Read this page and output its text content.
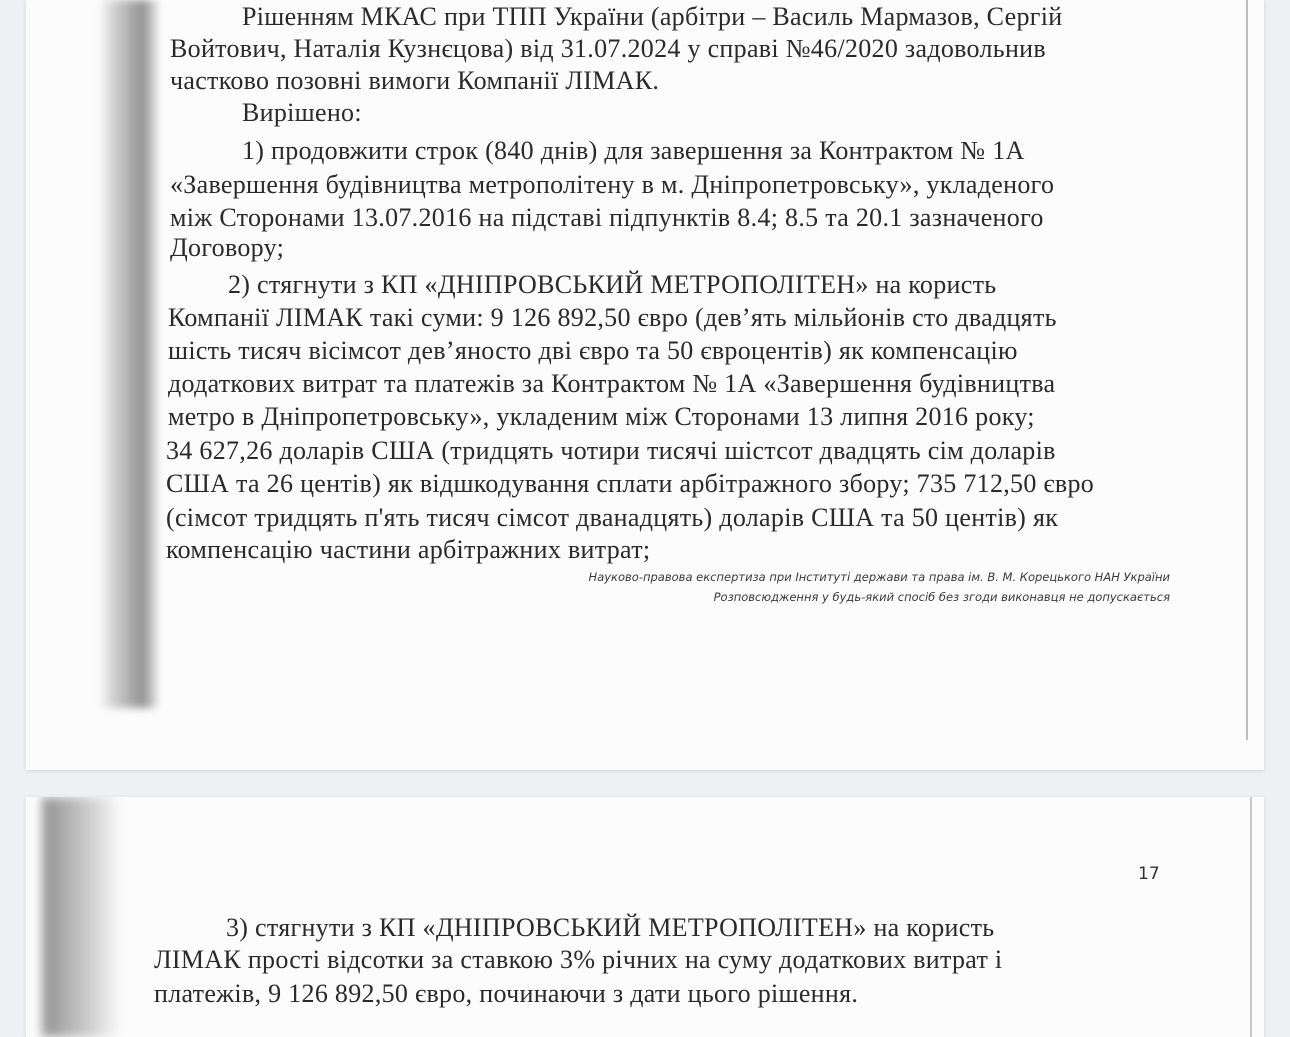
Рішенням МКАС при ТПП України (арбітри – Василь Мармазов, Сергій
Войтович, Наталія Кузнєцова) від 31.07.2024 у справі №46/2020 задовольнив
частково позовні вимоги Компанії ЛІМАК.
Вирішено:
1) продовжити строк (840 днів) для завершення за Контрактом № 1А
«Завершення будівництва метрополітену в м. Дніпропетровську», укладеного
між Сторонами 13.07.2016 на підставі підпунктів 8.4; 8.5 та 20.1 зазначеного
Договору;
2) стягнути з КП «ДНІПРОВСЬКИЙ МЕТРОПОЛІТЕН» на користь
Компанії ЛІМАК такі суми: 9 126 892,50 євро (дев’ять мільйонів сто двадцять
шість тисяч вісімсот дев’яносто дві євро та 50 євроцентів) як компенсацію
додаткових витрат та платежів за Контрактом № 1А «Завершення будівництва
метро в Дніпропетровську», укладеним між Сторонами 13 липня 2016 року;
34 627,26 доларів США (тридцять чотири тисячі шістсот двадцять сім доларів
США та 26 центів) як відшкодування сплати арбітражного збору; 735 712,50 євро
(сімсот тридцять п'ять тисяч сімсот дванадцять) доларів США та 50 центів) як
компенсацію частини арбітражних витрат;
Науково-правова експертиза при Інституті держави та права ім. В. М. Корецького НАН України
Розповсюдження у будь-який спосіб без згоди виконавця не допускається
17
3) стягнути з КП «ДНІПРОВСЬКИЙ МЕТРОПОЛІТЕН» на користь
ЛІМАК прості відсотки за ставкою 3% річних на суму додаткових витрат і
платежів, 9 126 892,50 євро, починаючи з дати цього рішення.
